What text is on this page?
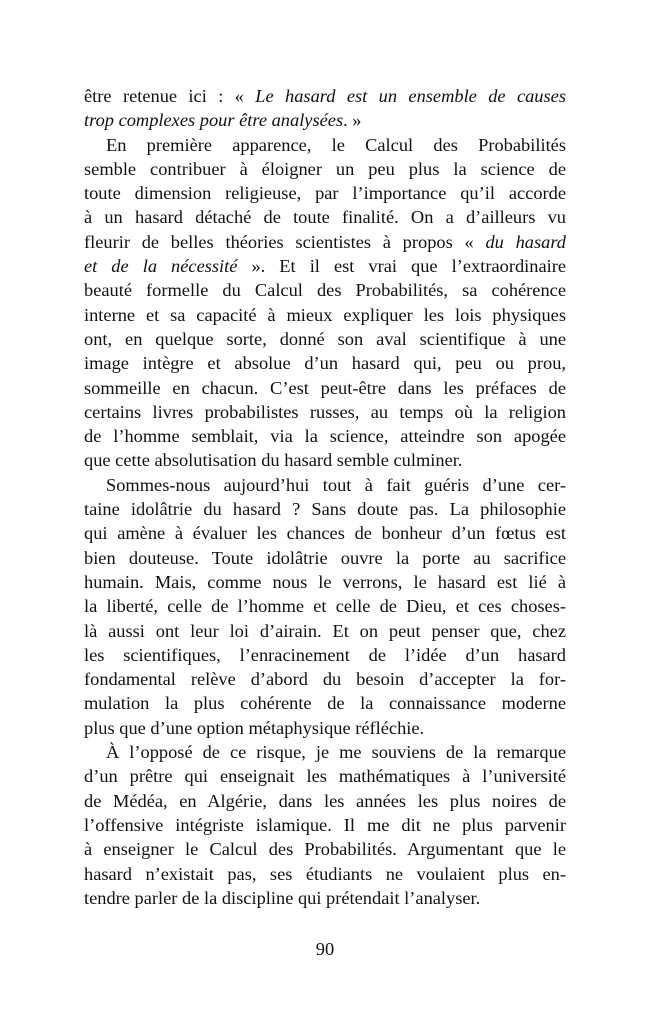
être retenue ici : « Le hasard est un ensemble de causes
trop complexes pour être analysées. »

En première apparence, le Calcul des Probabilités
semble contribuer à éloigner un peu plus la science de
toute dimension religieuse, par l’importance qu’il accorde
à un hasard détaché de toute finalité. On a d’ailleurs vu
fleurir de belles théories scientistes à propos « du hasard
et de la nécessité ». Et il est vrai que l’extraordinaire
beauté formelle du Calcul des Probabilités, sa cohérence
interne et sa capacité à mieux expliquer les lois physiques
ont, en quelque sorte, donné son aval scientifique à une
image intègre et absolue d’un hasard qui, peu ou prou,
sommeille en chacun. C’est peut-être dans les préfaces de
certains livres probabilistes russes, au temps où la religion
de l’homme semblait, via la science, atteindre son apogée
que cette absolutisation du hasard semble culminer.

Sommes-nous aujourd’hui tout à fait guéris d’une cer-
taine idolâtrie du hasard ? Sans doute pas. La philosophie
qui amène à évaluer les chances de bonheur d’un fœtus est
bien douteuse. Toute idolâtrie ouvre la porte au sacrifice
humain. Mais, comme nous le verrons, le hasard est lié à
la liberté, celle de l’homme et celle de Dieu, et ces choses-
là aussi ont leur loi d’airain. Et on peut penser que, chez
les scientifiques, l’enracinement de l’idée d’un hasard
fondamental relève d’abord du besoin d’accepter la for-
mulation la plus cohérente de la connaissance moderne
plus que d’une option métaphysique réfléchie.

À l’opposé de ce risque, je me souviens de la remarque
d’un prêtre qui enseignait les mathématiques à l’université
de Médéa, en Algérie, dans les années les plus noires de
l’offensive intégriste islamique. Il me dit ne plus parvenir
à enseigner le Calcul des Probabilités. Argumentant que le
hasard n’existait pas, ses étudiants ne voulaient plus en-
tendre parler de la discipline qui prétendait l’analyser.

90
